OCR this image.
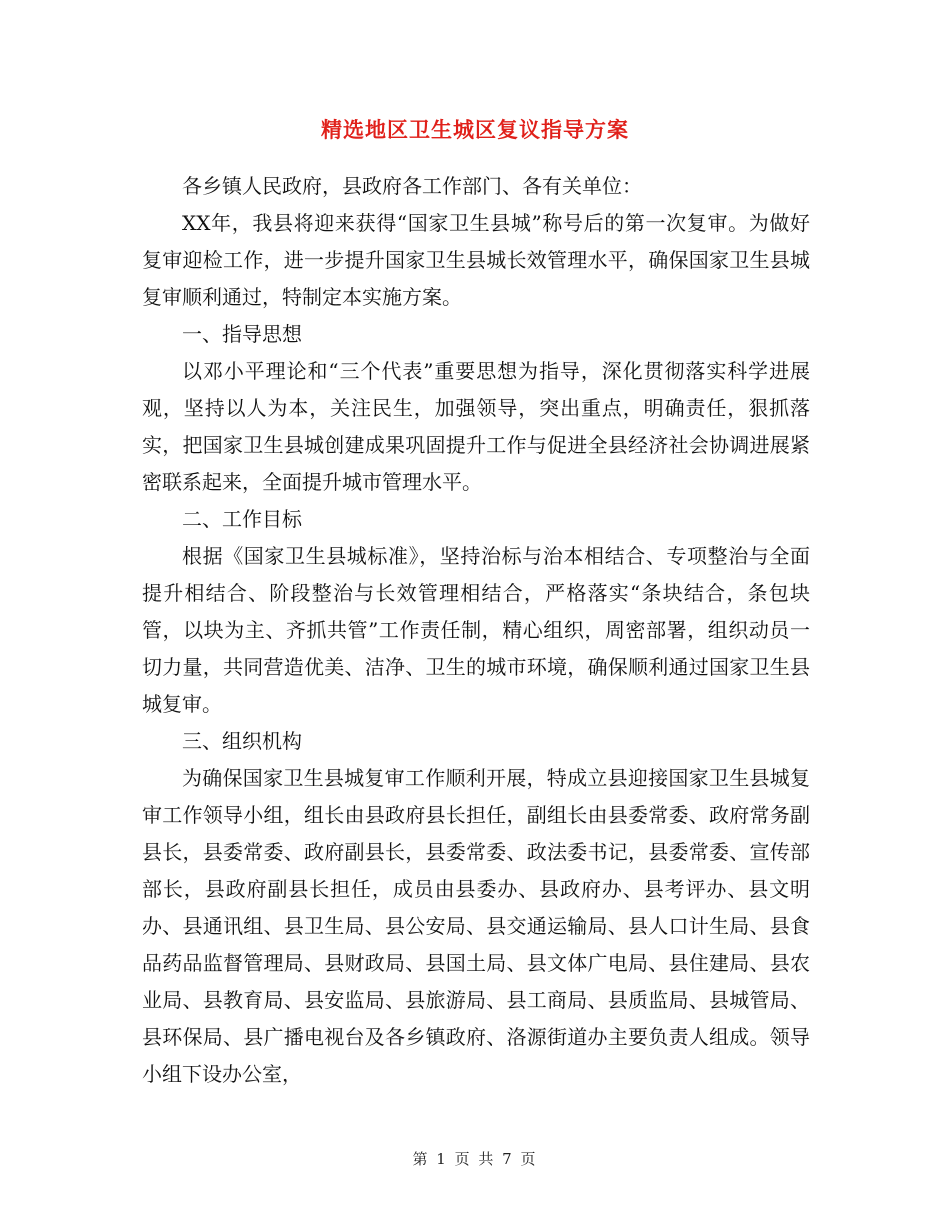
精选地区卫生城区复议指导方案

各乡镇人民政府，县政府各工作部门、各有关单位：

XX年，我县将迎来获得“国家卫生县城”称号后的第一次复审。为做好复审迎检工作，进一步提升国家卫生县城长效管理水平，确保国家卫生县城复审顺利通过，特制定本实施方案。

一、指导思想

以邓小平理论和“三个代表”重要思想为指导，深化贯彻落实科学进展观，坚持以人为本，关注民生，加强领导，突出重点，明确责任，狠抓落实，把国家卫生县城创建成果巩固提升工作与促进全县经济社会协调进展紧密联系起来，全面提升城市管理水平。

二、工作目标

根据《国家卫生县城标准》，坚持治标与治本相结合、专项整治与全面提升相结合、阶段整治与长效管理相结合，严格落实“条块结合，条包块管，以块为主、齐抓共管”工作责任制，精心组织，周密部署，组织动员一切力量，共同营造优美、洁净、卫生的城市环境，确保顺利通过国家卫生县城复审。

三、组织机构

为确保国家卫生县城复审工作顺利开展，特成立县迎接国家卫生县城复审工作领导小组，组长由县政府县长担任，副组长由县委常委、政府常务副县长，县委常委、政府副县长，县委常委、政法委书记，县委常委、宣传部部长，县政府副县长担任，成员由县委办、县政府办、县考评办、县文明办、县通讯组、县卫生局、县公安局、县交通运输局、县人口计生局、县食品药品监督管理局、县财政局、县国土局、县文体广电局、县住建局、县农业局、县教育局、县安监局、县旅游局、县工商局、县质监局、县城管局、县环保局、县广播电视台及各乡镇政府、洛源街道办主要负责人组成。领导小组下设办公室，

第 1 页 共 7 页
